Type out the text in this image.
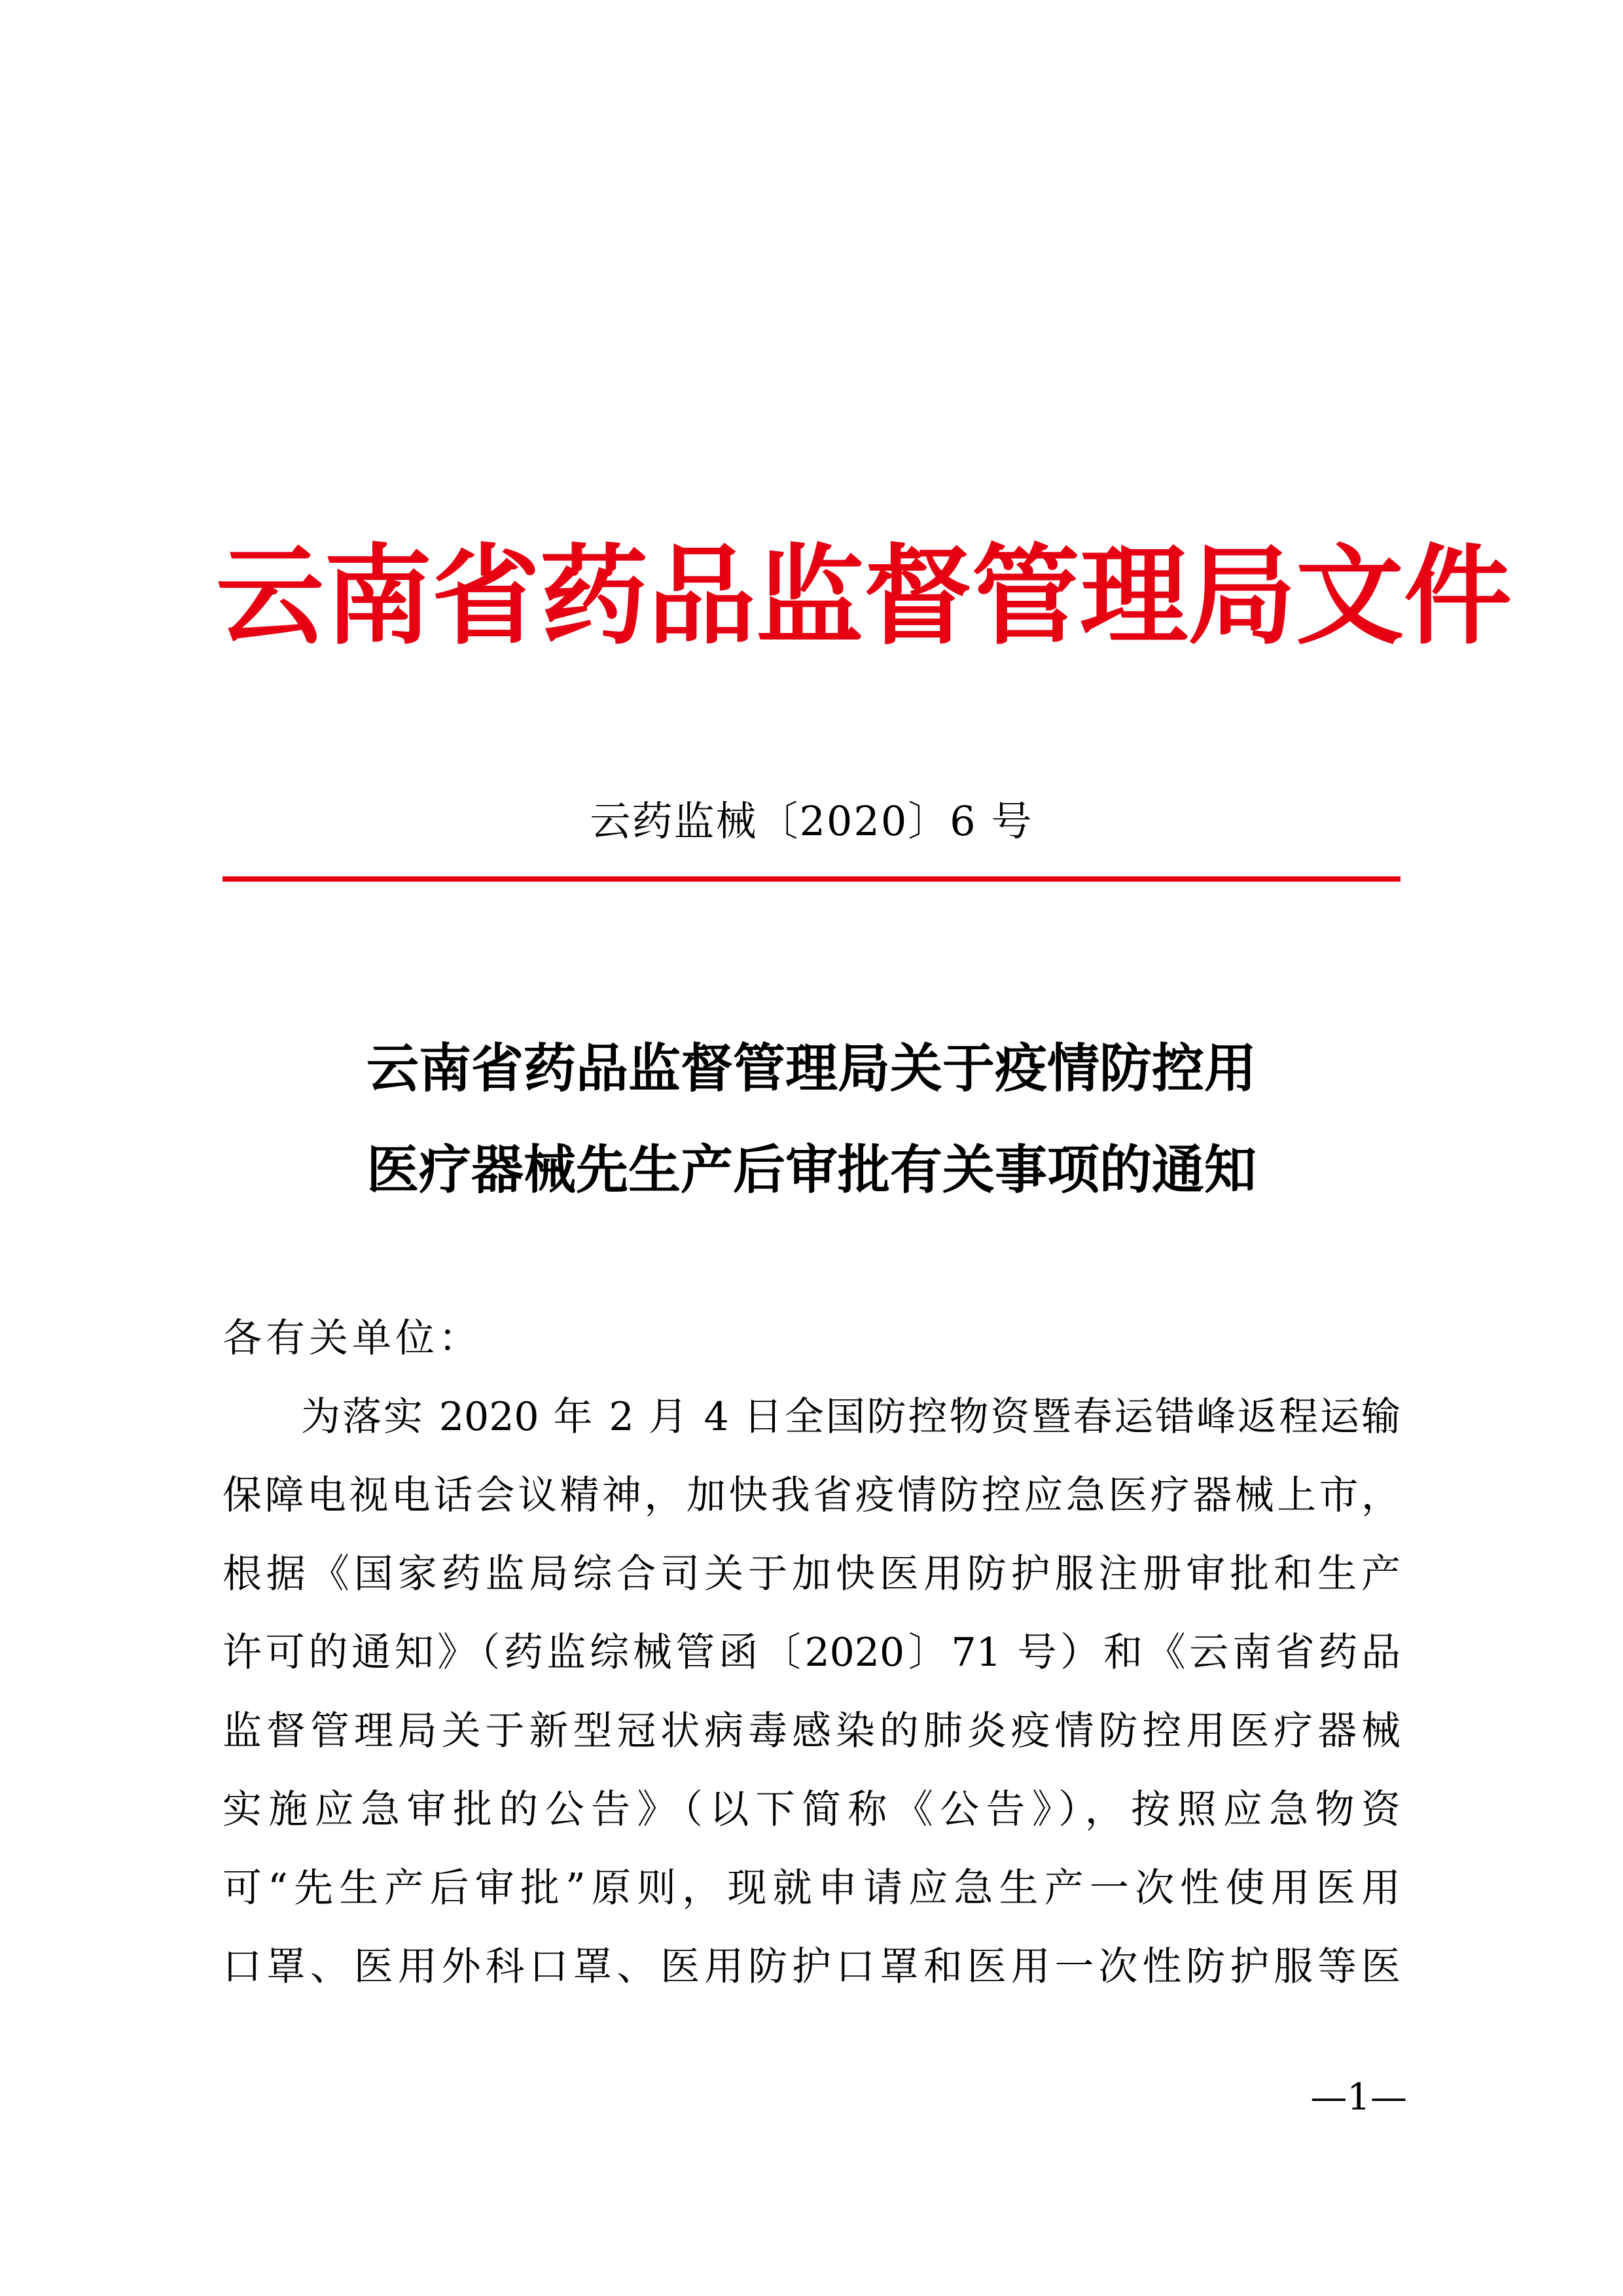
云南省药品监督管理局文件
云药监械〔2020〕6 号
云南省药品监督管理局关于疫情防控用
医疗器械先生产后审批有关事项的通知
各有关单位：
为落实 2020 年 2 月 4 日全国防控物资暨春运错峰返程运输
保障电视电话会议精神，加快我省疫情防控应急医疗器械上市，
根据《国家药监局综合司关于加快医用防护服注册审批和生产
许可的通知》（药监综械管函〔2020〕71 号）和《云南省药品
监督管理局关于新型冠状病毒感染的肺炎疫情防控用医疗器械
实施应急审批的公告》（以下简称《公告》），按照应急物资
可“先生产后审批”原则，现就申请应急生产一次性使用医用
口罩、医用外科口罩、医用防护口罩和医用一次性防护服等医
—1—
